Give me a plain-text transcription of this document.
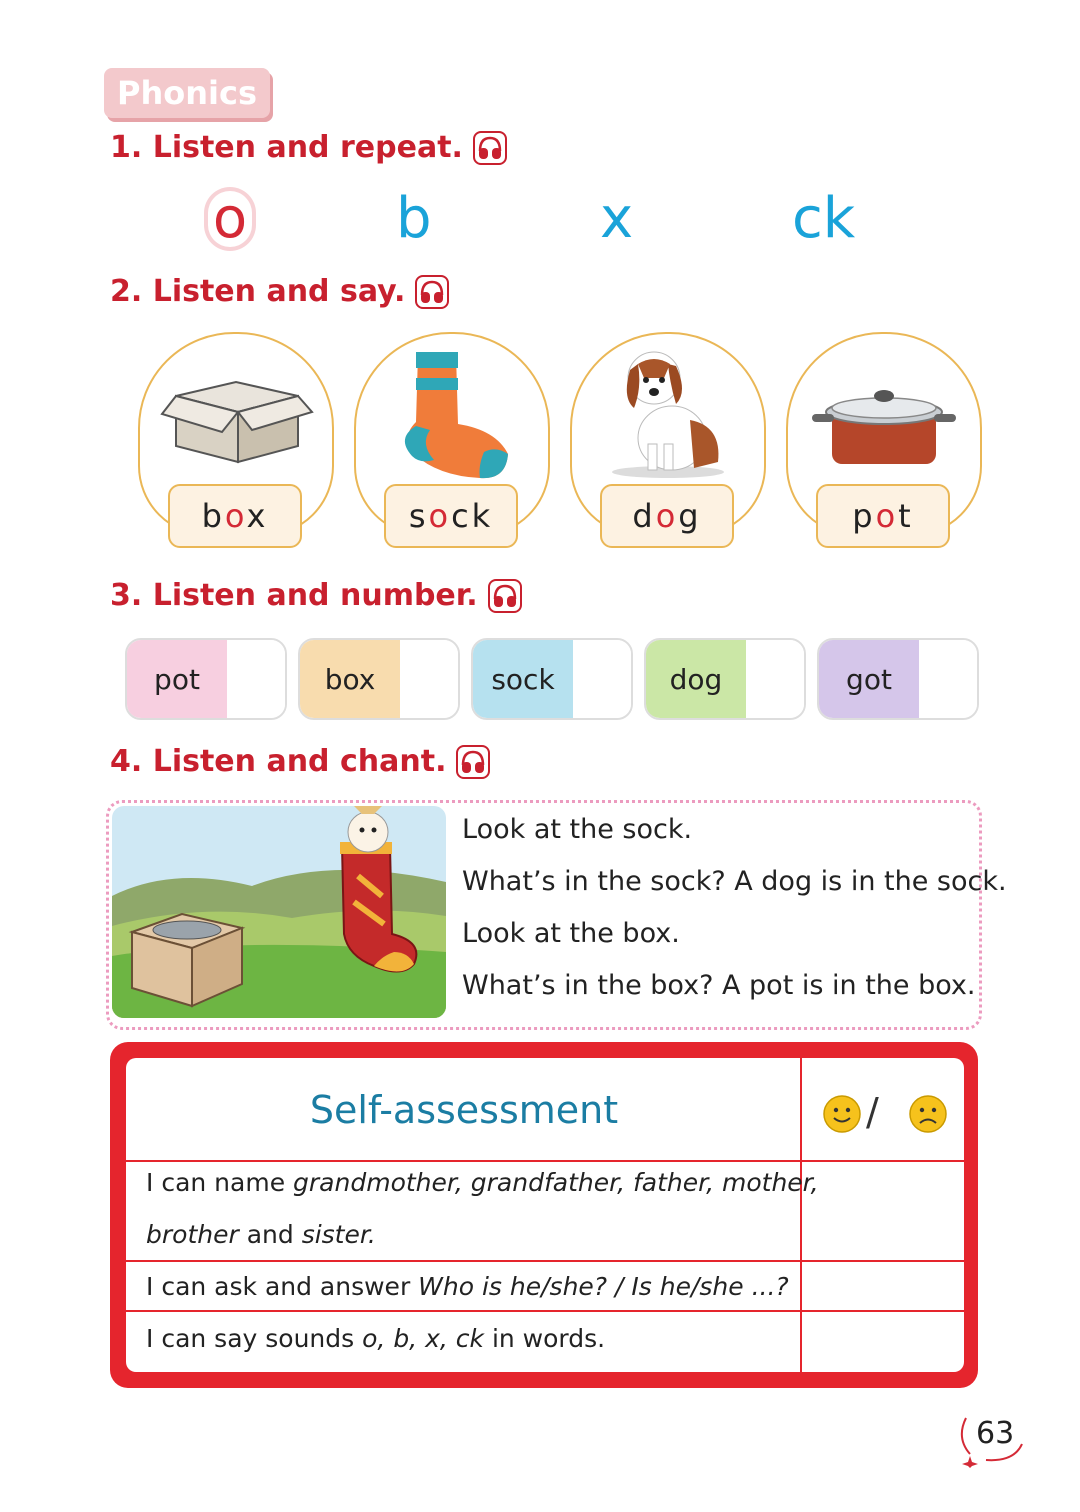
Phonics
1. Listen and repeat.
o	b	x	ck
2. Listen and say.
box	sock	dog	pot
3. Listen and number.
pot	box	sock	dog	got
4. Listen and chant.
Look at the sock.
What’s in the sock? A dog is in the sock.
Look at the box.
What’s in the box? A pot is in the box.
Self-assessment	/
I can name grandmother, grandfather, father, mother,
brother and sister.
I can ask and answer Who is he/she? / Is he/she ...?
I can say sounds o, b, x, ck in words.
63
